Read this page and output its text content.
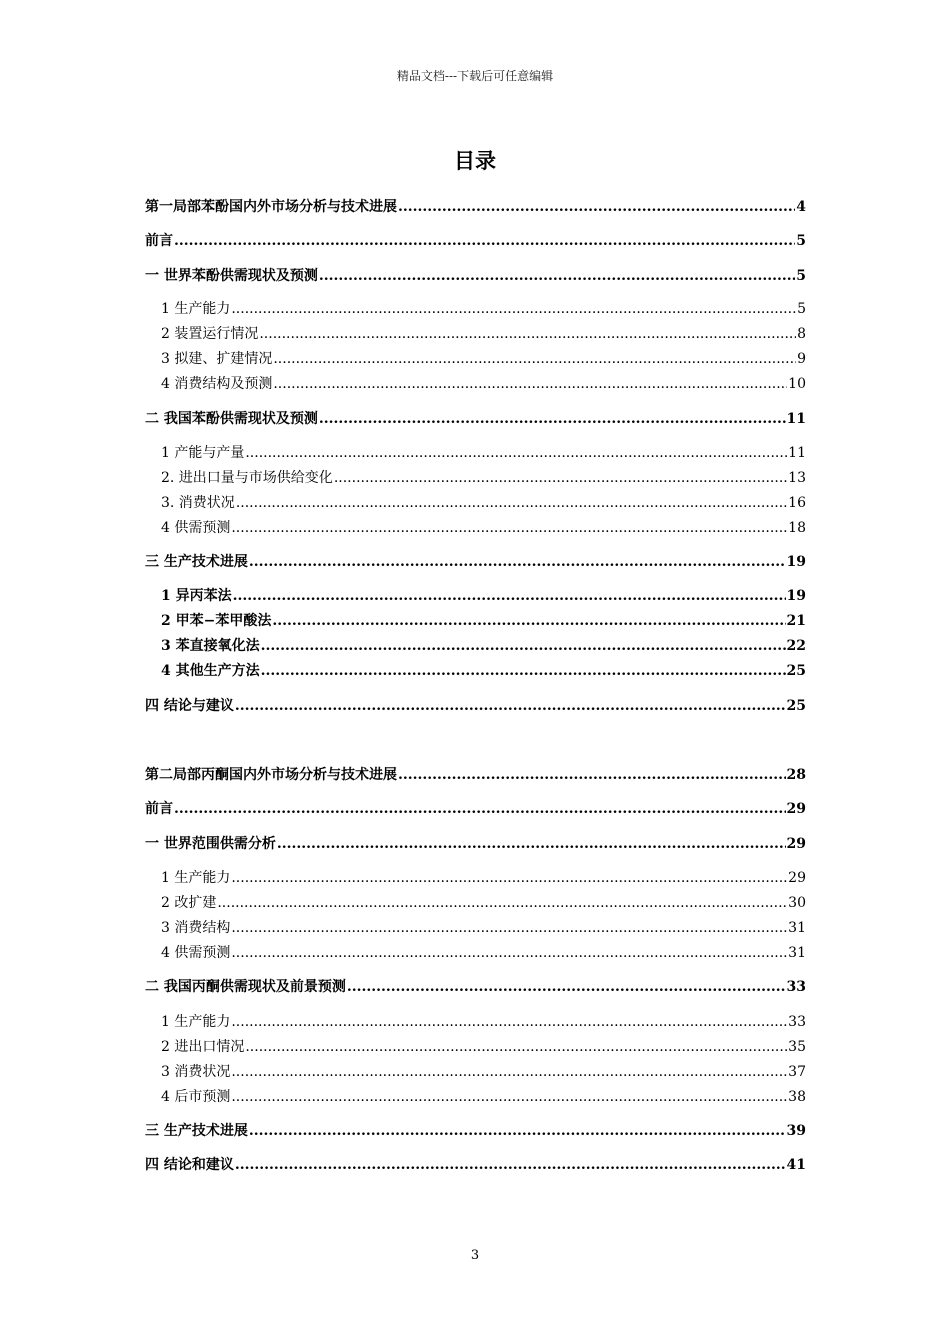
精品文档---下载后可任意编辑
目录
第一局部苯酚国内外市场分析与技术进展 .....	4
前言 .....	5
一 世界苯酚供需现状及预测 .....	5
1 生产能力 .....	5
2 装置运行情况 .....	8
3 拟建、扩建情况 .....	9
4 消费结构及预测 .....	10
二 我国苯酚供需现状及预测 .....	11
1 产能与产量 .....	11
2. 进出口量与市场供给变化 .....	13
3. 消费状况 .....	16
4 供需预测 .....	18
三 生产技术进展 .....	19
1 异丙苯法 .....	19
2 甲苯−苯甲酸法 .....	21
3 苯直接氧化法 .....	22
4 其他生产方法 .....	25
四 结论与建议 .....	25
第二局部丙酮国内外市场分析与技术进展 .....	28
前言 .....	29
一 世界范围供需分析 .....	29
1 生产能力 .....	29
2 改扩建 .....	30
3 消费结构 .....	31
4 供需预测 .....	31
二 我国丙酮供需现状及前景预测 .....	33
1 生产能力 .....	33
2 进出口情况 .....	35
3 消费状况 .....	37
4 后市预测 .....	38
三 生产技术进展 .....	39
四 结论和建议 .....	41
3
